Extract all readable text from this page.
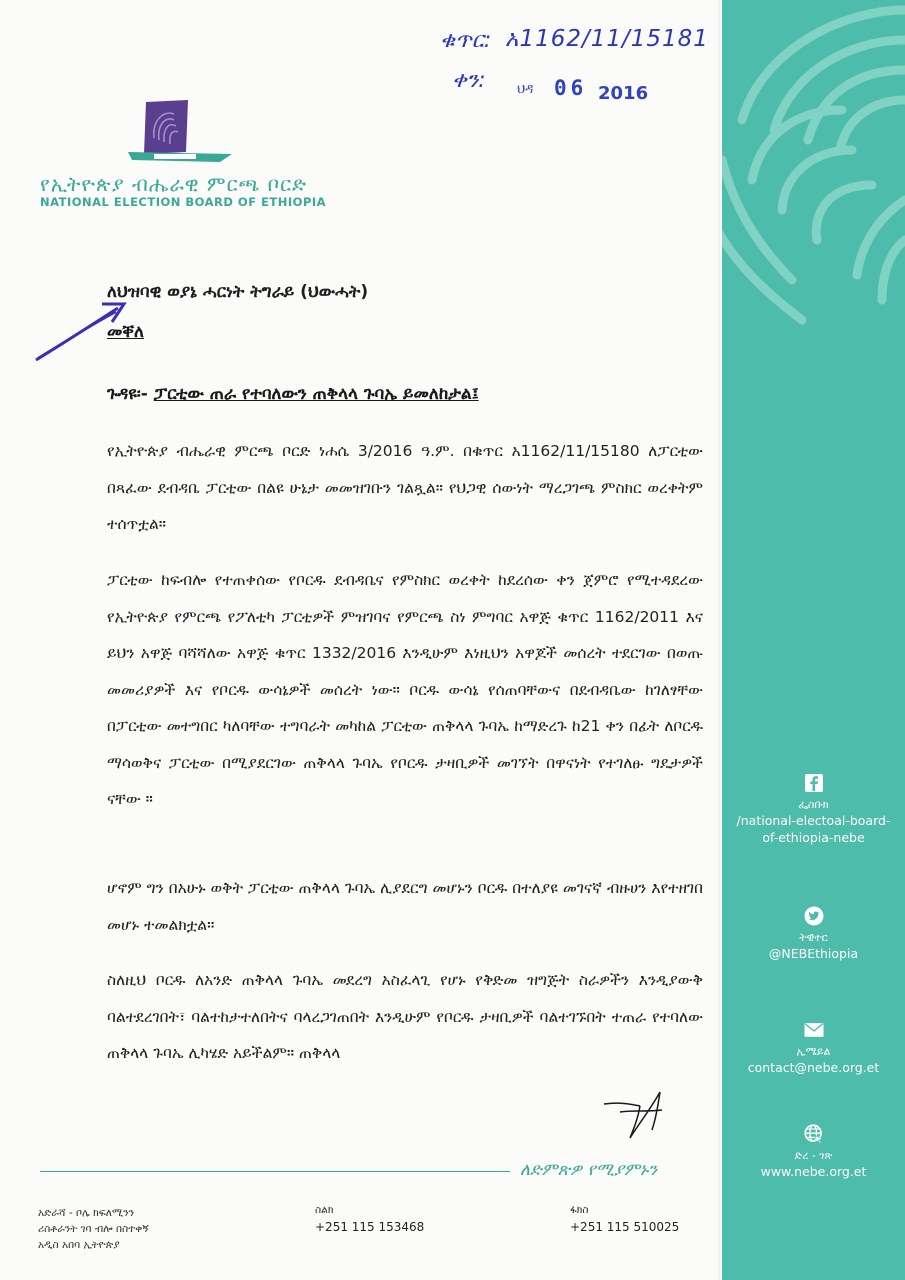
ፌስቡክ
/national-electoal-board-
of-ethiopia-nebe
ትዊተር
@NEBEthiopia
ኢሜይል
contact@nebe.org.et
ድረ - ገጽ
www.nebe.org.et
ቁጥር: አ1162/11/15181
ቀን: ህዳ 06 2016
የኢትዮጵያ ብሔራዊ ምርጫ ቦርድ
NATIONAL ELECTION BOARD OF ETHIOPIA
ለህዝባዊ ወያኔ ሓርነት ትግራይ (ህውሓት)
መቐለ
ጉዳዩ፡- ፓርቲው ጠራ የተባለውን ጠቅላላ ጉባኤ ይመለከታል፤
የኢትዮጵያ ብሔራዊ ምርጫ ቦርድ ነሐሴ 3/2016 ዓ.ም. በቁጥር አ1162/11/15180 ለፓርቲው በጻፈው ደብዳቤ ፓርቲው በልዩ ሁኔታ መመዝገቡን ገልጿል። የህጋዊ ሰውነት ማረጋገጫ ምስክር ወረቀትም ተሰጥቷል።
ፓርቲው ከፍብሎ የተጠቀሰው የቦርዱ ደብዳቤና የምስክር ወረቀት ከደረሰው ቀን ጀምሮ የሚተዳደረው የኢትዮጵያ የምርጫ የፖለቲካ ፓርቲዎች ምዝገባና የምርጫ ስነ ምግባር አዋጅ ቁጥር 1162/2011 እና ይህን አዋጅ ባሻሻለው አዋጅ ቁጥር 1332/2016 እንዲሁም እነዚህን አዋጆች መሰረት ተደርገው በወጡ መመሪያዎች እና የቦርዱ ውሳኔዎች መሰረት ነው። ቦርዱ ውሳኔ የሰጠባቸውና በደብዳቤው ከገለፃቸው በፓርቲው መተግበር ካለባቸው ተግባራት መካከል ፓርቲው ጠቅላላ ጉባኤ ከማድረጉ ከ21 ቀን በፊት ለቦርዱ ማሳወቅና ፓርቲው በሚያደርገው ጠቅላላ ጉባኤ የቦርዱ ታዛቢዎች መገኘት በዋናነት የተገለፁ ግዴታዎች ናቸው ።
ሆኖም ግን በአሁኑ ወቅት ፓርቲው ጠቅላላ ጉባኤ ሊያደርግ መሆኑን ቦርዱ በተለያዩ መገናኛ ብዙሀን እየተዘገበ መሆኑ ተመልክቷል።
ስለዚህ ቦርዱ ለአንድ ጠቅላላ ጉባኤ መደረግ አስፈላጊ የሆኑ የቅድመ ዝግጅት ስራዎችን እንዲያውቅ ባልተደረገበት፣ ባልተከታተለበትና ባላረጋገጠበት እንዲሁም የቦርዱ ታዛቢዎች ባልተገኙበት ተጠራ የተባለው ጠቅላላ ጉባኤ ሊካሄድ አይችልም። ጠቅላላ
ለድምጽዎ የሚያምኑን
አድራሻ - ቦሌ ክፍለሚንን
ሪስቶራንት ገባ ብሎ በስተቀኝ
አዲስ አበባ ኢትዮጵያ
ስልክ
+251 115 153468
ፋክስ
+251 115 510025
